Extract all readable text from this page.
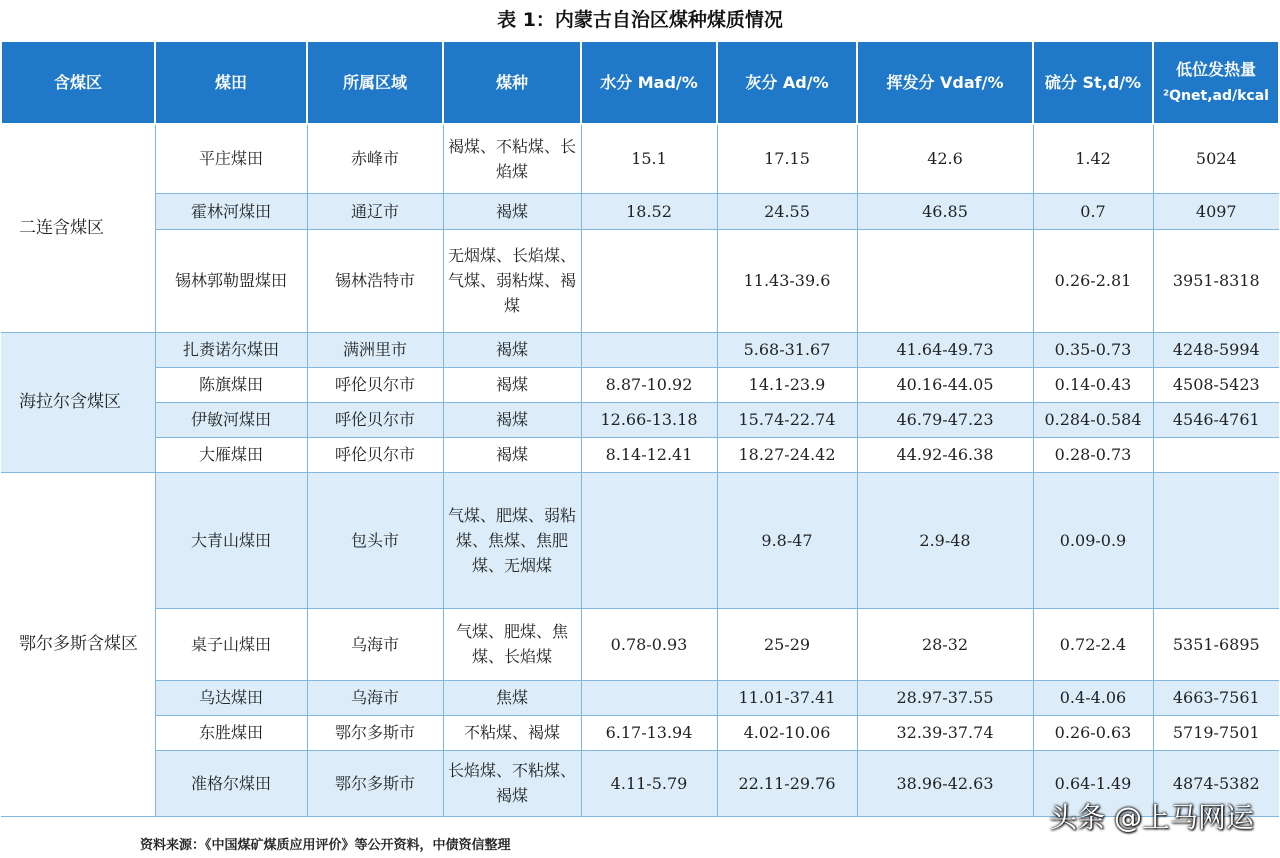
表 1：内蒙古自治区煤种煤质情况
含煤区	煤田	所属区域	煤种	水分 Mad/%	灰分 Ad/%	挥发分 Vdaf/%	硫分 St,d/%	低位发热量
²Qnet,ad/kcal

二连含煤区	平庄煤田	赤峰市	褐煤、不粘煤、长焰煤	15.1	17.15	42.6	1.42	5024
	霍林河煤田	通辽市	褐煤	18.52	24.55	46.85	0.7	4097
	锡林郭勒盟煤田	锡林浩特市	无烟煤、长焰煤、气煤、弱粘煤、褐煤		11.43-39.6		0.26-2.81	3951-8318
海拉尔含煤区	扎赉诺尔煤田	满洲里市	褐煤		5.68-31.67	41.64-49.73	0.35-0.73	4248-5994
	陈旗煤田	呼伦贝尔市	褐煤	8.87-10.92	14.1-23.9	40.16-44.05	0.14-0.43	4508-5423
	伊敏河煤田	呼伦贝尔市	褐煤	12.66-13.18	15.74-22.74	46.79-47.23	0.284-0.584	4546-4761
	大雁煤田	呼伦贝尔市	褐煤	8.14-12.41	18.27-24.42	44.92-46.38	0.28-0.73	
鄂尔多斯含煤区	大青山煤田	包头市	气煤、肥煤、弱粘煤、焦煤、焦肥煤、无烟煤		9.8-47	2.9-48	0.09-0.9	
	桌子山煤田	乌海市	气煤、肥煤、焦煤、长焰煤	0.78-0.93	25-29	28-32	0.72-2.4	5351-6895
	乌达煤田	乌海市	焦煤		11.01-37.41	28.97-37.55	0.4-4.06	4663-7561
	东胜煤田	鄂尔多斯市	不粘煤、褐煤	6.17-13.94	4.02-10.06	32.39-37.74	0.26-0.63	5719-7501
	准格尔煤田	鄂尔多斯市	长焰煤、不粘煤、褐煤	4.11-5.79	22.11-29.76	38.96-42.63	0.64-1.49	4874-5382
资料来源：《中国煤矿煤质应用评价》等公开资料，中债资信整理
头条 @上马网运
